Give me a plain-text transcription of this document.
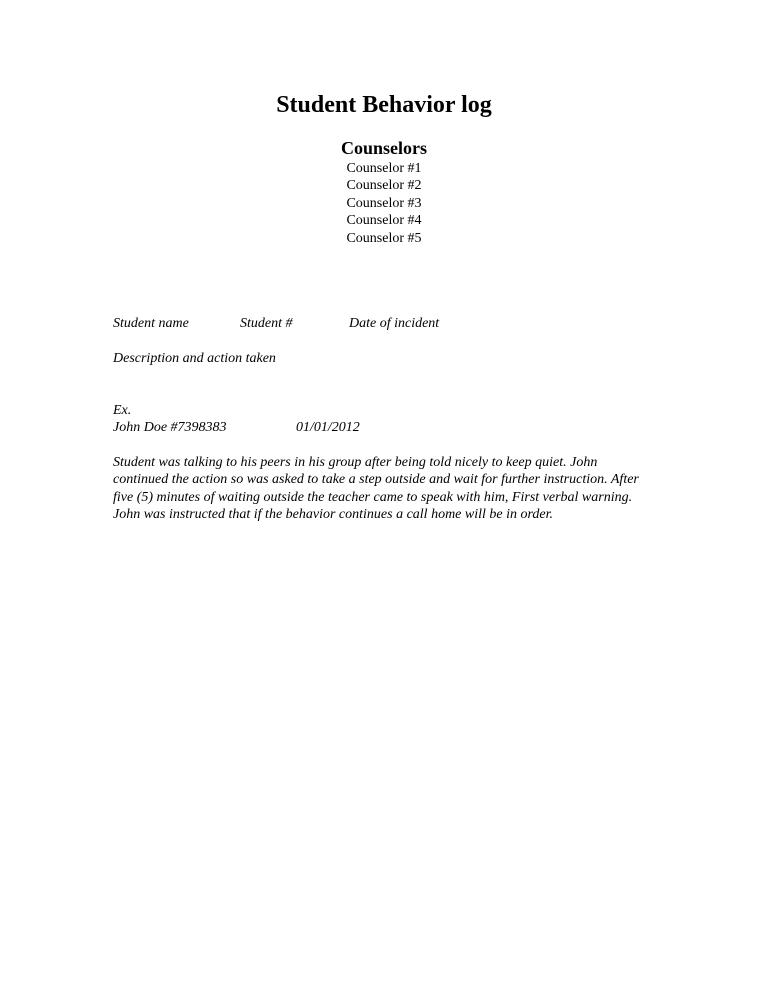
Student Behavior log
Counselors
Counselor #1
Counselor #2
Counselor #3
Counselor #4
Counselor #5
Student name	Student #	Date of incident
Description and action taken
Ex.
John Doe #7398383	01/01/2012
Student was talking to his peers in his group after being told nicely to keep quiet. John continued the action so was asked to take a step outside and wait for further instruction. After five (5) minutes of waiting outside the teacher came to speak with him, First verbal warning. John was instructed that if the behavior continues a call home will be in order.
